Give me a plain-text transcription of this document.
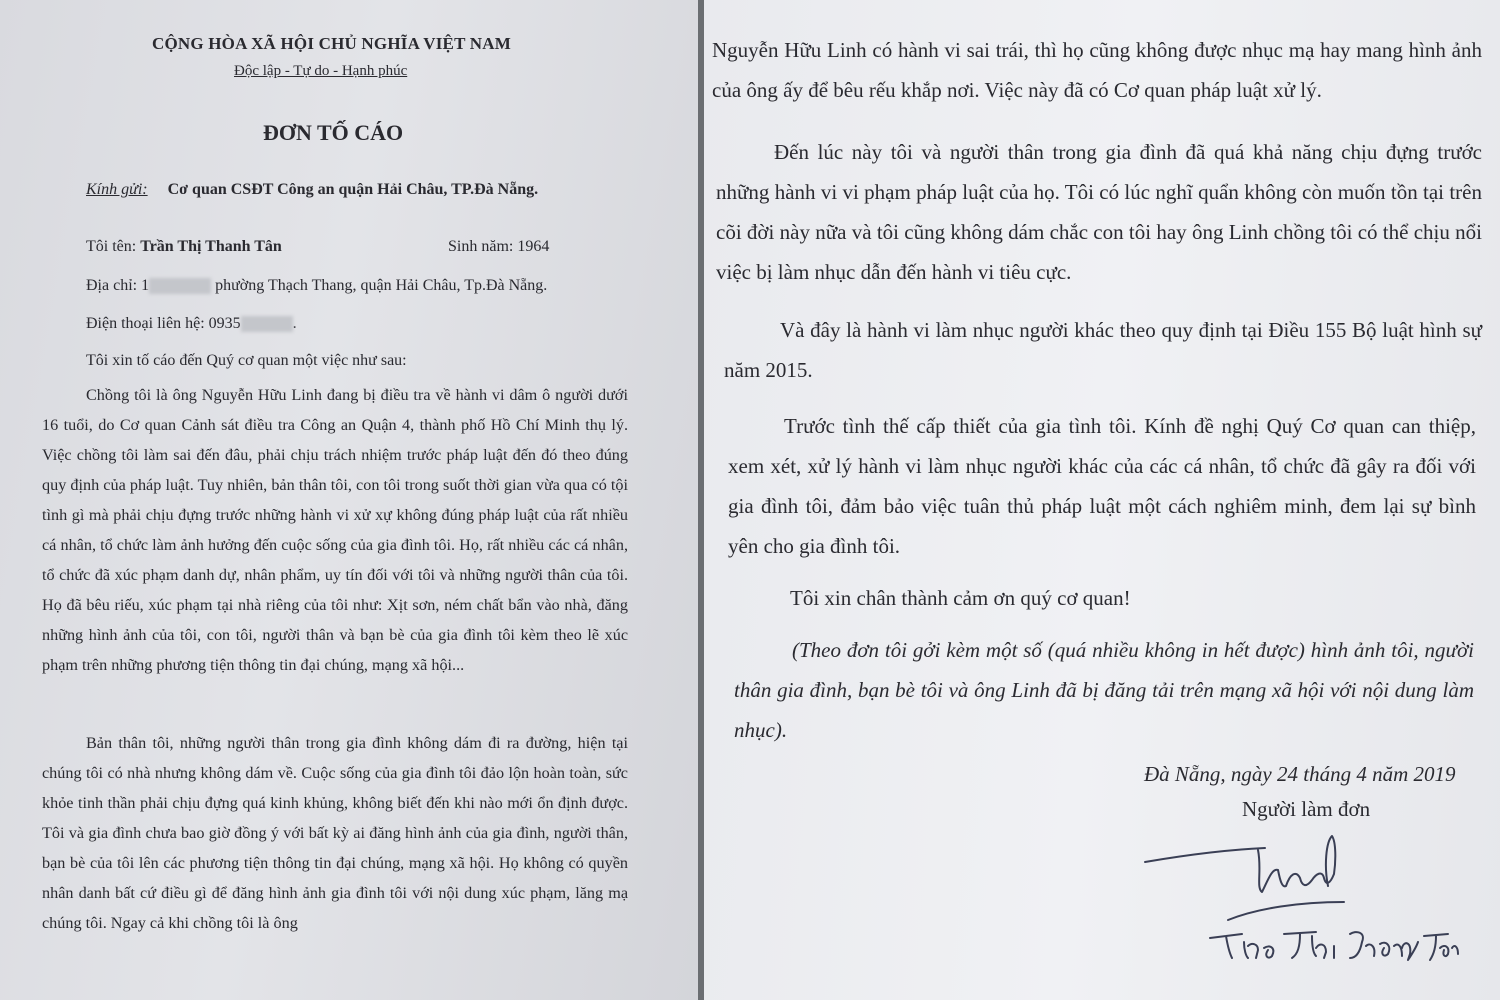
CỘNG HÒA XÃ HỘI CHỦ NGHĨA VIỆT NAM

Độc lập - Tự do - Hạnh phúc

ĐƠN TỐ CÁO

Kính gửi: Cơ quan CSĐT Công an quận Hải Châu, TP.Đà Nẵng.

Tôi tên: Trần Thị Thanh Tân	Sinh năm: 1964

Địa chỉ: 1	phường Thạch Thang, quận Hải Châu, Tp.Đà Nẵng.

Điện thoại liên hệ: 0935	.

Tôi xin tố cáo đến Quý cơ quan một việc như sau:

Chồng tôi là ông Nguyễn Hữu Linh đang bị điều tra về hành vi dâm ô người dưới 16 tuổi, do Cơ quan Cảnh sát điều tra Công an Quận 4, thành phố Hồ Chí Minh thụ lý. Việc chồng tôi làm sai đến đâu, phải chịu trách nhiệm trước pháp luật đến đó theo đúng quy định của pháp luật. Tuy nhiên, bản thân tôi, con tôi trong suốt thời gian vừa qua có tội tình gì mà phải chịu đựng trước những hành vi xử xự không đúng pháp luật của rất nhiều cá nhân, tổ chức làm ảnh hưởng đến cuộc sống của gia đình tôi. Họ, rất nhiều các cá nhân, tổ chức đã xúc phạm danh dự, nhân phẩm, uy tín đối với tôi và những người thân của tôi. Họ đã bêu riếu, xúc phạm tại nhà riêng của tôi như: Xịt sơn, ném chất bẩn vào nhà, đăng những hình ảnh của tôi, con tôi, người thân và bạn bè của gia đình tôi kèm theo lẽ xúc phạm trên những phương tiện thông tin đại chúng, mạng xã hội...

Bản thân tôi, những người thân trong gia đình không dám đi ra đường, hiện tại chúng tôi có nhà nhưng không dám về. Cuộc sống của gia đình tôi đảo lộn hoàn toàn, sức khỏe tinh thần phải chịu đựng quá kinh khủng, không biết đến khi nào mới ổn định được. Tôi và gia đình chưa bao giờ đồng ý với bất kỳ ai đăng hình ảnh của gia đình, người thân, bạn bè của tôi lên các phương tiện thông tin đại chúng, mạng xã hội. Họ không có quyền nhân danh bất cứ điều gì để đăng hình ảnh gia đình tôi với nội dung xúc phạm, lăng mạ chúng tôi. Ngay cả khi chồng tôi là ông

Nguyễn Hữu Linh có hành vi sai trái, thì họ cũng không được nhục mạ hay mang hình ảnh của ông ấy để bêu rếu khắp nơi. Việc này đã có Cơ quan pháp luật xử lý.

Đến lúc này tôi và người thân trong gia đình đã quá khả năng chịu đựng trước những hành vi vi phạm pháp luật của họ. Tôi có lúc nghĩ quẩn không còn muốn tồn tại trên cõi đời này nữa và tôi cũng không dám chắc con tôi hay ông Linh chồng tôi có thể chịu nổi việc bị làm nhục dẫn đến hành vi tiêu cực.

Và đây là hành vi làm nhục người khác theo quy định tại Điều 155 Bộ luật hình sự năm 2015.

Trước tình thế cấp thiết của gia tình tôi. Kính đề nghị Quý Cơ quan can thiệp, xem xét, xử lý hành vi làm nhục người khác của các cá nhân, tổ chức đã gây ra đối với gia đình tôi, đảm bảo việc tuân thủ pháp luật một cách nghiêm minh, đem lại sự bình yên cho gia đình tôi.

Tôi xin chân thành cảm ơn quý cơ quan!

(Theo đơn tôi gởi kèm một số (quá nhiều không in hết được) hình ảnh tôi, người thân gia đình, bạn bè tôi và ông Linh đã bị đăng tải trên mạng xã hội với nội dung làm nhục).

Đà Nẵng, ngày 24 tháng 4 năm 2019

Người làm đơn
